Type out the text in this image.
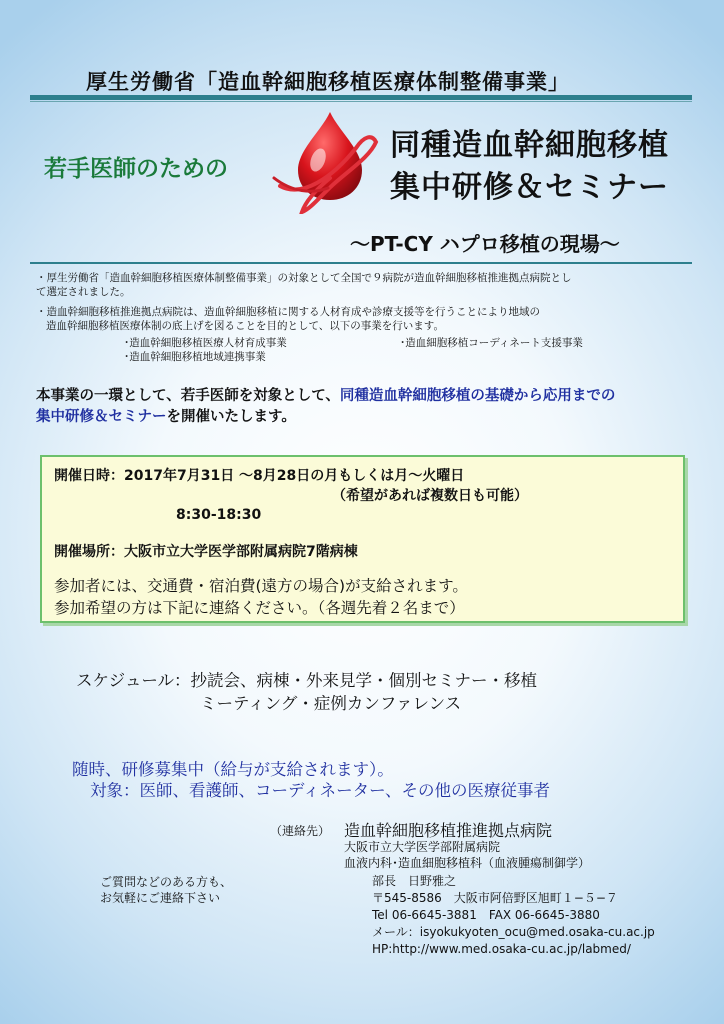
厚生労働省「造血幹細胞移植医療体制整備事業」
若手医師のための
同種造血幹細胞移植
集中研修＆セミナー
〜PT-CY ハプロ移植の現場〜
・厚生労働省「造血幹細胞移植医療体制整備事業」の対象として全国で９病院が造血幹細胞移植推進拠点病院とし
て選定されました。
・造血幹細胞移植推進拠点病院は、造血幹細胞移植に関する人材育成や診療支援等を行うことにより地域の
造血幹細胞移植医療体制の底上げを図ることを目的として、以下の事業を行います。
･造血幹細胞移植医療人材育成事業	･造血細胞移植コーディネート支援事業
･造血幹細胞移植地域連携事業
本事業の一環として、若手医師を対象として、同種造血幹細胞移植の基礎から応用までの
集中研修＆セミナーを開催いたします。
開催日時：2017年7月31日 〜8月28日の月もしくは月〜火曜日
（希望があれば複数日も可能）
8:30-18:30
開催場所：大阪市立大学医学部附属病院7階病棟
参加者には、交通費・宿泊費(遠方の場合)が支給されます。
参加希望の方は下記に連絡ください。（各週先着２名まで）
スケジュール：抄読会、病棟・外来見学・個別セミナー・移植
ミーティング・症例カンファレンス
随時、研修募集中（給与が支給されます）。
対象：医師、看護師、コーディネーター、その他の医療従事者
（連絡先） 造血幹細胞移植推進拠点病院
大阪市立大学医学部附属病院
血液内科･造血細胞移植科（血液腫瘍制御学）
部長　日野雅之
〒545-8586　大阪市阿倍野区旭町１−５−７
Tel 06-6645-3881　FAX 06-6645-3880
メール：isyokukyoten_ocu@med.osaka-cu.ac.jp
HP:http://www.med.osaka-cu.ac.jp/labmed/
ご質問などのある方も、
お気軽にご連絡下さい
